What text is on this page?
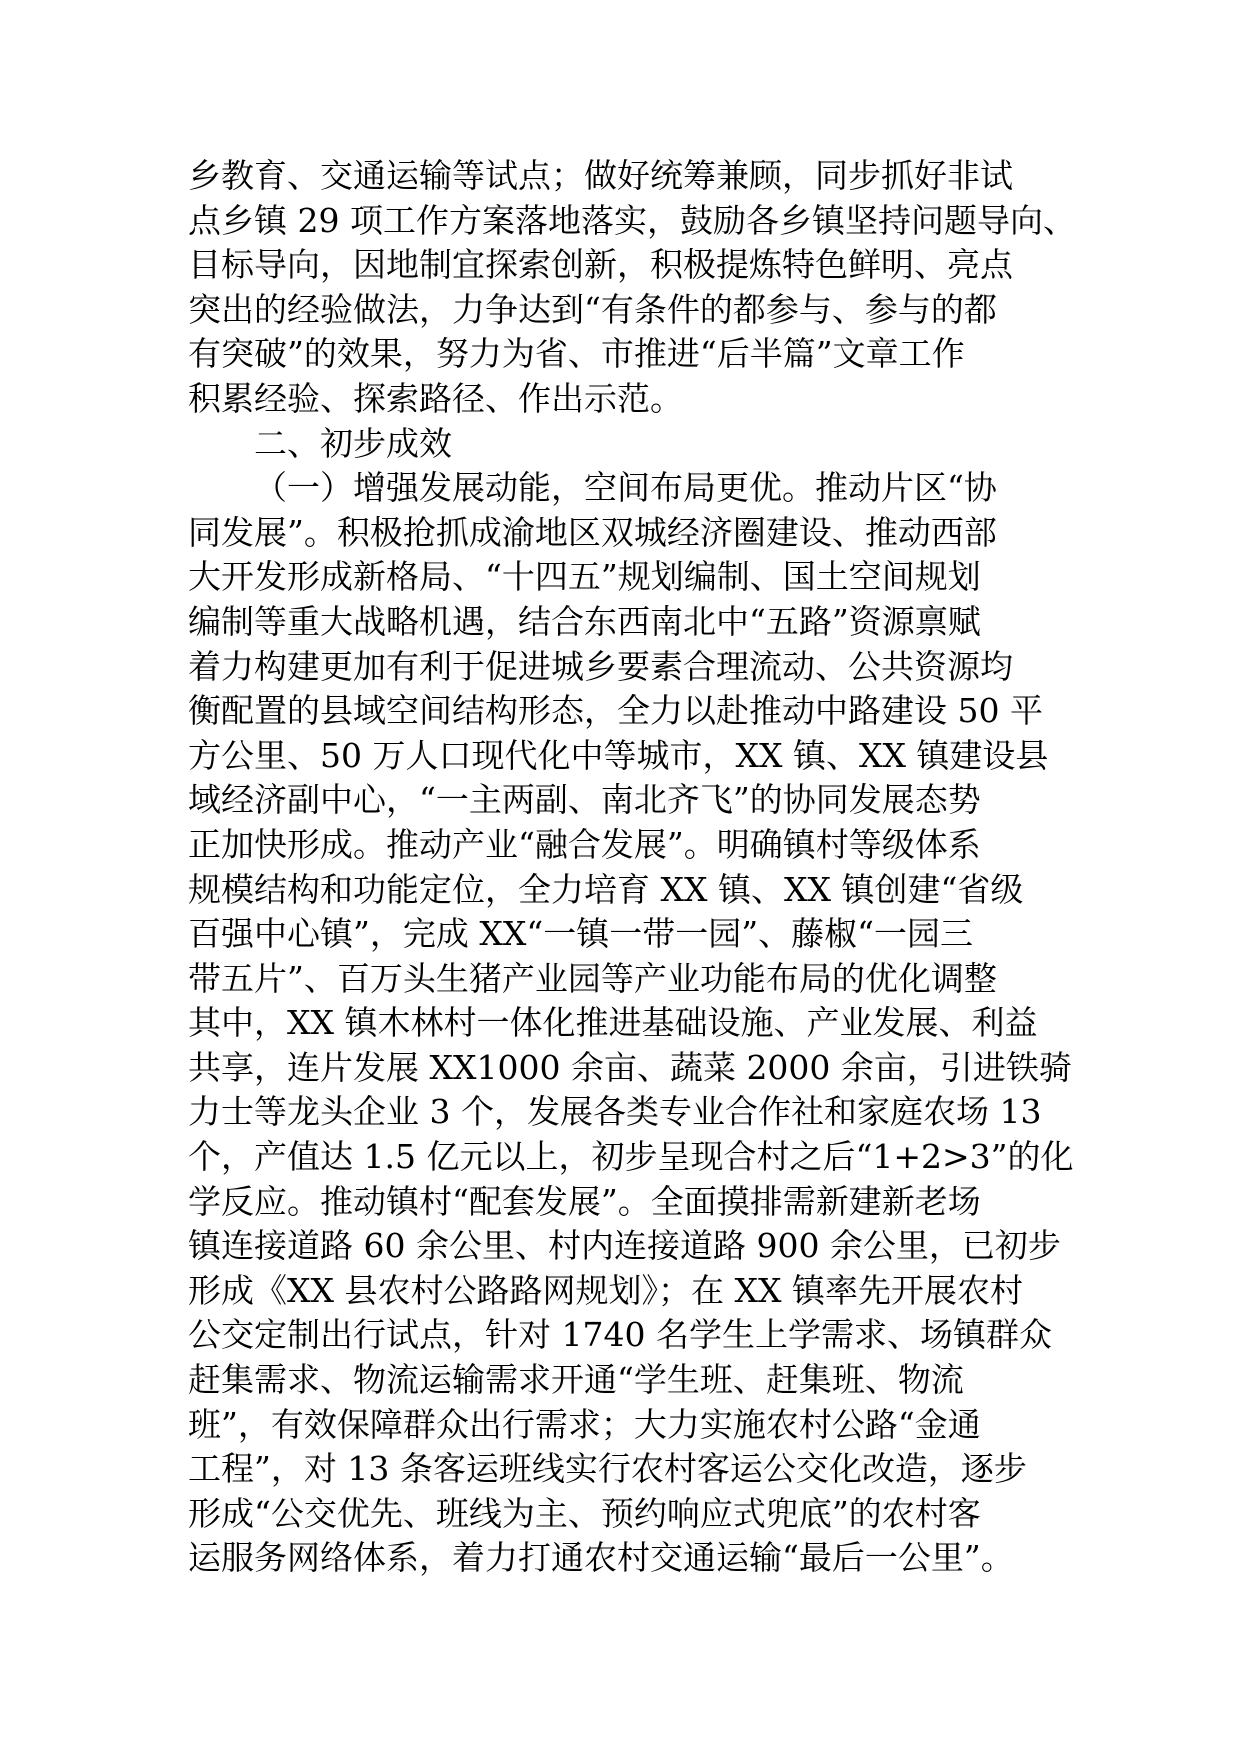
乡教育、交通运输等试点；做好统筹兼顾，同步抓好非试
点乡镇 29 项工作方案落地落实，鼓励各乡镇坚持问题导向、
目标导向，因地制宜探索创新，积极提炼特色鲜明、亮点
突出的经验做法，力争达到“有条件的都参与、参与的都
有突破”的效果，努力为省、市推进“后半篇”文章工作
积累经验、探索路径、作出示范。
二、初步成效
（一）增强发展动能，空间布局更优。推动片区“协
同发展”。积极抢抓成渝地区双城经济圈建设、推动西部
大开发形成新格局、“十四五”规划编制、国土空间规划
编制等重大战略机遇，结合东西南北中“五路”资源禀赋
着力构建更加有利于促进城乡要素合理流动、公共资源均
衡配置的县域空间结构形态，全力以赴推动中路建设 50 平
方公里、50 万人口现代化中等城市，XX 镇、XX 镇建设县
域经济副中心，“一主两副、南北齐飞”的协同发展态势
正加快形成。推动产业“融合发展”。明确镇村等级体系
规模结构和功能定位，全力培育 XX 镇、XX 镇创建“省级
百强中心镇”，完成 XX“一镇一带一园”、藤椒“一园三
带五片”、百万头生猪产业园等产业功能布局的优化调整
其中，XX 镇木林村一体化推进基础设施、产业发展、利益
共享，连片发展 XX1000 余亩、蔬菜 2000 余亩，引进铁骑
力士等龙头企业 3 个，发展各类专业合作社和家庭农场 13
个，产值达 1.5 亿元以上，初步呈现合村之后“1+2>3”的化
学反应。推动镇村“配套发展”。全面摸排需新建新老场
镇连接道路 60 余公里、村内连接道路 900 余公里，已初步
形成《XX 县农村公路路网规划》；在 XX 镇率先开展农村
公交定制出行试点，针对 1740 名学生上学需求、场镇群众
赶集需求、物流运输需求开通“学生班、赶集班、物流
班”，有效保障群众出行需求；大力实施农村公路“金通
工程”，对 13 条客运班线实行农村客运公交化改造，逐步
形成“公交优先、班线为主、预约响应式兜底”的农村客
运服务网络体系，着力打通农村交通运输“最后一公里”。
